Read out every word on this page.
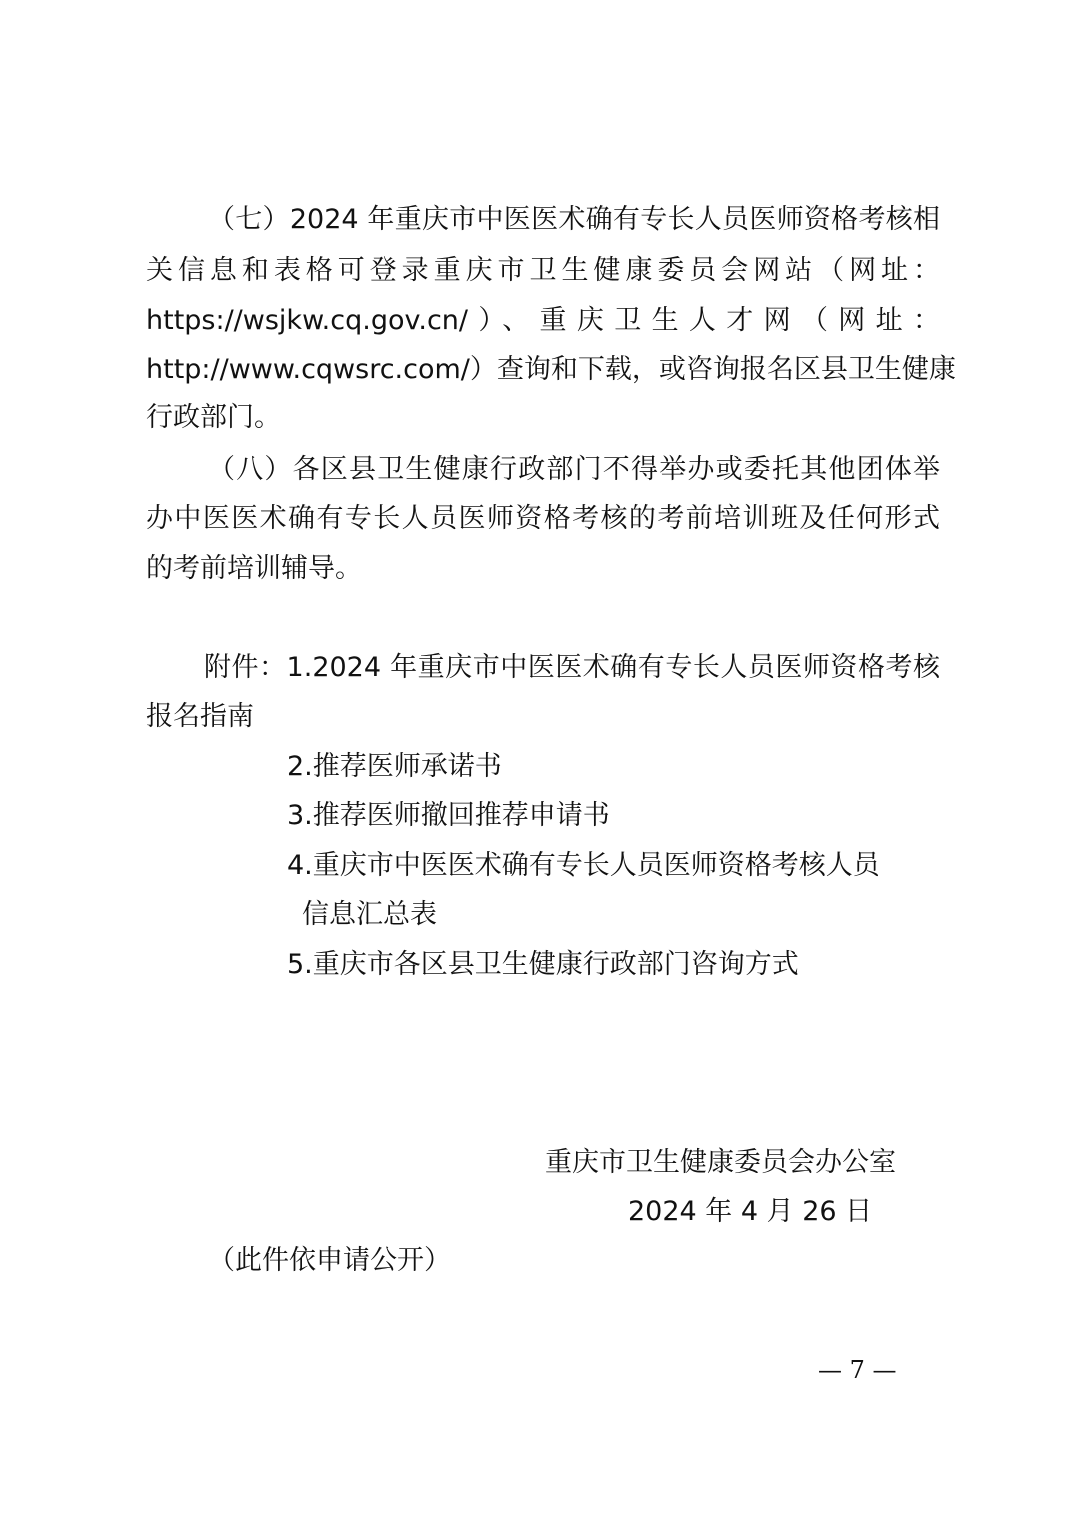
（七）2024 年重庆市中医医术确有专长人员医师资格考核相

关信息和表格可登录重庆市卫生健康委员会网站（网址：

https://wsjkw.cq.gov.cn/）、重庆卫生人才网（网址：

http://www.cqwsrc.com/）查询和下载，或咨询报名区县卫生健康

行政部门。

（八）各区县卫生健康行政部门不得举办或委托其他团体举

办中医医术确有专长人员医师资格考核的考前培训班及任何形式

的考前培训辅导。

附件：1.2024 年重庆市中医医术确有专长人员医师资格考核

报名指南

2.推荐医师承诺书

3.推荐医师撤回推荐申请书

4.重庆市中医医术确有专长人员医师资格考核人员

信息汇总表

5.重庆市各区县卫生健康行政部门咨询方式

重庆市卫生健康委员会办公室

2024 年 4 月 26 日

（此件依申请公开）

— 7 —
